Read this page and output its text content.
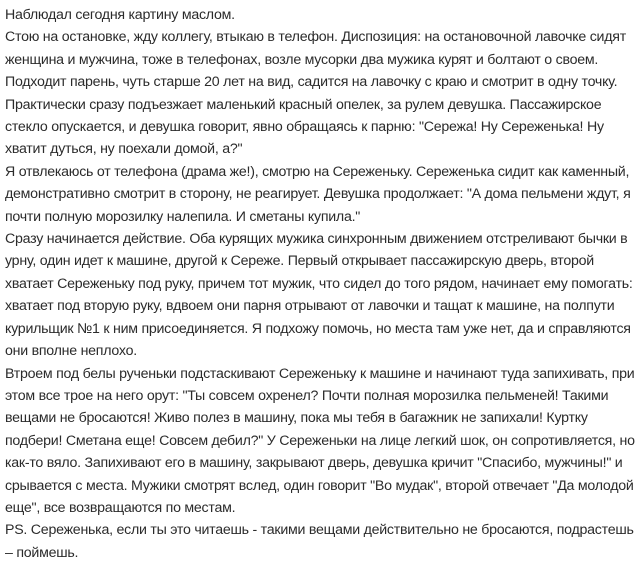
Наблюдал сегодня картину маслом.

Стою на остановке, жду коллегу, втыкаю в телефон. Диспозиция: на остановочной лавочке сидят женщина и мужчина, тоже в телефонах, возле мусорки два мужика курят и болтают о своем.

Подходит парень, чуть старше 20 лет на вид, садится на лавочку с краю и смотрит в одну точку.

Практически сразу подъезжает маленький красный опелек, за рулем девушка. Пассажирское стекло опускается, и девушка говорит, явно обращаясь к парню: "Сережа! Ну Сереженька! Ну хватит дуться, ну поехали домой, а?"

Я отвлекаюсь от телефона (драма же!), смотрю на Сереженьку. Сереженька сидит как каменный, демонстративно смотрит в сторону, не реагирует. Девушка продолжает: "А дома пельмени ждут, я почти полную морозилку налепила. И сметаны купила."

Сразу начинается действие. Оба курящих мужика синхронным движением отстреливают бычки в урну, один идет к машине, другой к Сереже. Первый открывает пассажирскую дверь, второй хватает Сереженьку под руку, причем тот мужик, что сидел до того рядом, начинает ему помогать: хватает под вторую руку, вдвоем они парня отрывают от лавочки и тащат к машине, на полпути курильщик №1 к ним присоединяется. Я подхожу помочь, но места там уже нет, да и справляются они вполне неплохо.

Втроем под белы рученьки подстаскивают Сереженьку к машине и начинают туда запихивать, при этом все трое на него орут: "Ты совсем охренел? Почти полная морозилка пельменей! Такими вещами не бросаются! Живо полез в машину, пока мы тебя в багажник не запихали! Куртку подбери! Сметана еще! Совсем дебил?" У Сереженьки на лице легкий шок, он сопротивляется, но как-то вяло. Запихивают его в машину, закрывают дверь, девушка кричит "Спасибо, мужчины!" и срывается с места. Мужики смотрят вслед, один говорит "Во мудак", второй отвечает "Да молодой еще", все возвращаются по местам.

PS. Сереженька, если ты это читаешь - такими вещами действительно не бросаются, подрастешь – поймешь.
